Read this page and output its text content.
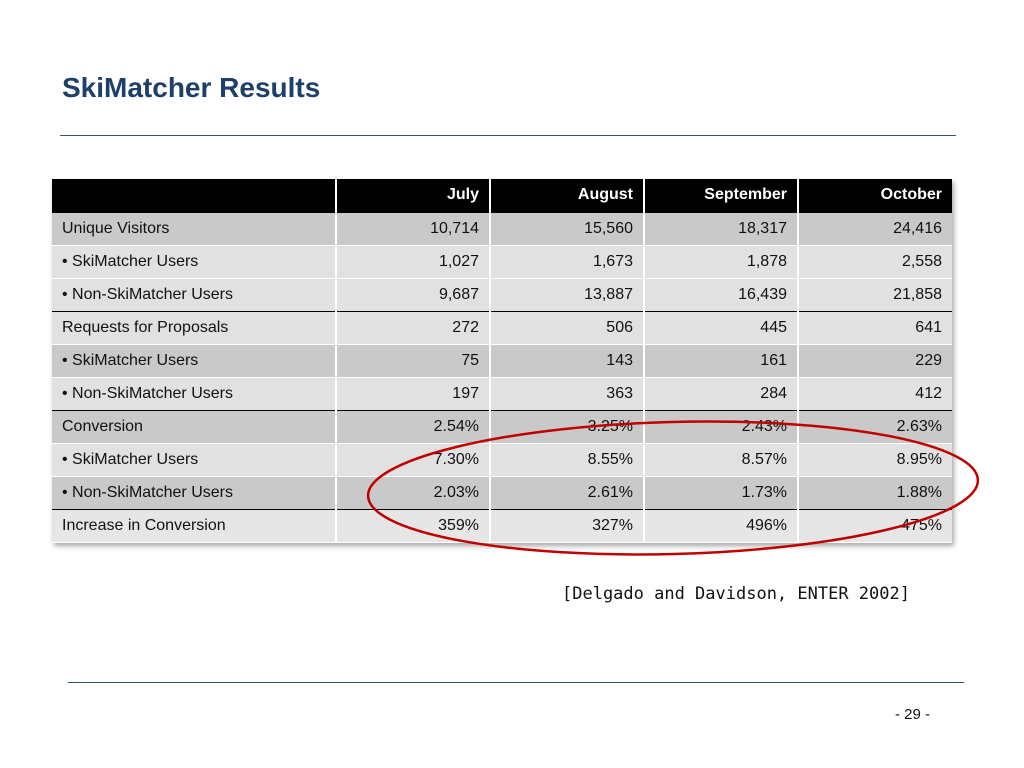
SkiMatcher Results
	July	August	September	October
Unique Visitors	10,714	15,560	18,317	24,416
• SkiMatcher Users	1,027	1,673	1,878	2,558
• Non-SkiMatcher Users	9,687	13,887	16,439	21,858
Requests for Proposals	272	506	445	641
• SkiMatcher Users	75	143	161	229
• Non-SkiMatcher Users	197	363	284	412
Conversion	2.54%	3.25%	2.43%	2.63%
• SkiMatcher Users	7.30%	8.55%	8.57%	8.95%
• Non-SkiMatcher Users	2.03%	2.61%	1.73%	1.88%
Increase in Conversion	359%	327%	496%	475%
[Delgado and Davidson, ENTER 2002]
- 29 -
